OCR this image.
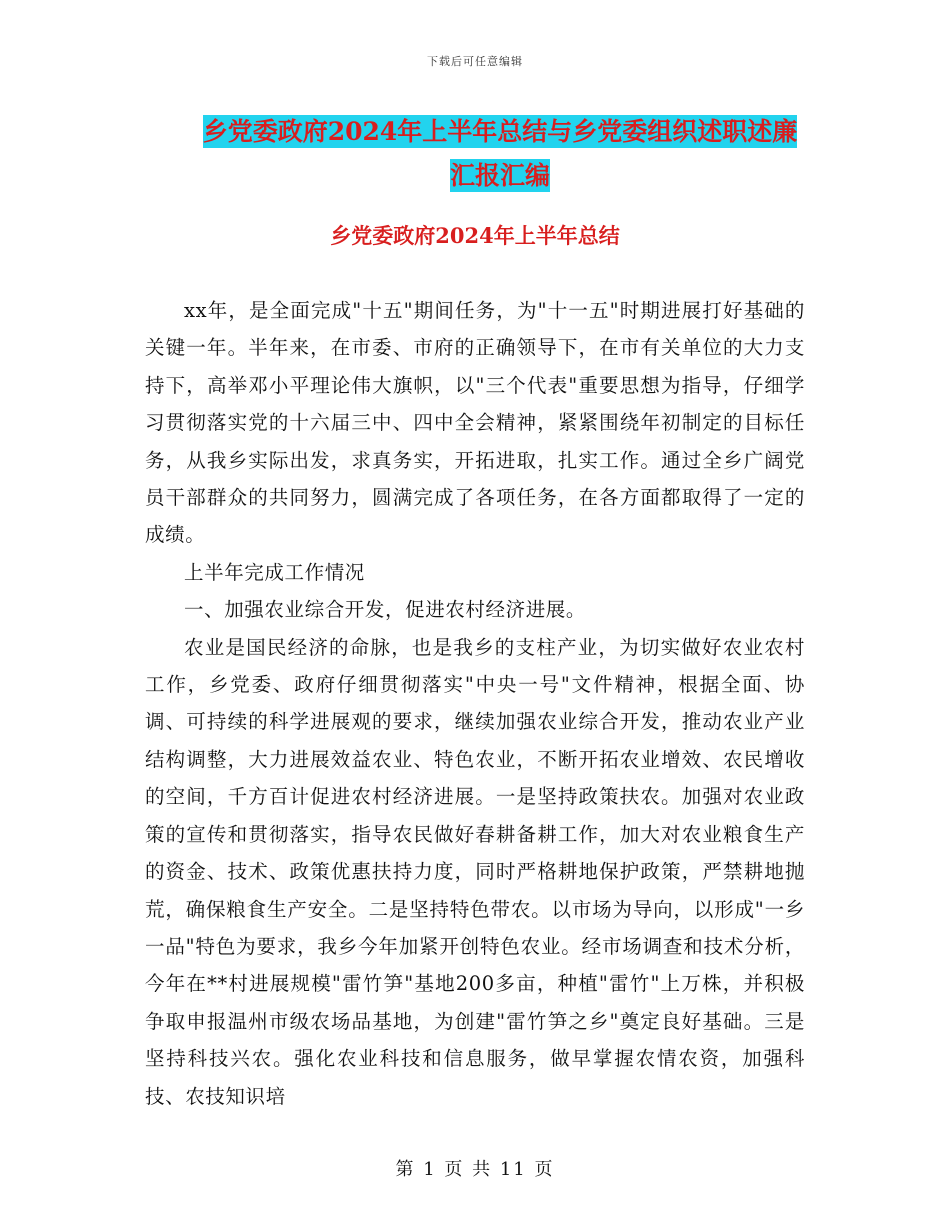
下载后可任意编辑
乡党委政府2024年上半年总结与乡党委组织述职述廉
汇报汇编
乡党委政府2024年上半年总结

xx年，是全面完成"十五"期间任务，为"十一五"时期进展打好基础的关键一年。半年来，在市委、市府的正确领导下，在市有关单位的大力支持下，高举邓小平理论伟大旗帜，以"三个代表"重要思想为指导，仔细学习贯彻落实党的十六届三中、四中全会精神，紧紧围绕年初制定的目标任务，从我乡实际出发，求真务实，开拓进取，扎实工作。通过全乡广阔党员干部群众的共同努力，圆满完成了各项任务，在各方面都取得了一定的成绩。

上半年完成工作情况

一、加强农业综合开发，促进农村经济进展。

农业是国民经济的命脉，也是我乡的支柱产业，为切实做好农业农村工作，乡党委、政府仔细贯彻落实"中央一号"文件精神，根据全面、协调、可持续的科学进展观的要求，继续加强农业综合开发，推动农业产业结构调整，大力进展效益农业、特色农业，不断开拓农业增效、农民增收的空间，千方百计促进农村经济进展。一是坚持政策扶农。加强对农业政策的宣传和贯彻落实，指导农民做好春耕备耕工作，加大对农业粮食生产的资金、技术、政策优惠扶持力度，同时严格耕地保护政策，严禁耕地抛荒，确保粮食生产安全。二是坚持特色带农。以市场为导向，以形成"一乡一品"特色为要求，我乡今年加紧开创特色农业。经市场调查和技术分析，今年在**村进展规模"雷竹笋"基地200多亩，种植"雷竹"上万株，并积极争取申报温州市级农场品基地，为创建"雷竹笋之乡"奠定良好基础。三是坚持科技兴农。强化农业科技和信息服务，做早掌握农情农资，加强科技、农技知识培

第 1 页 共 11 页
